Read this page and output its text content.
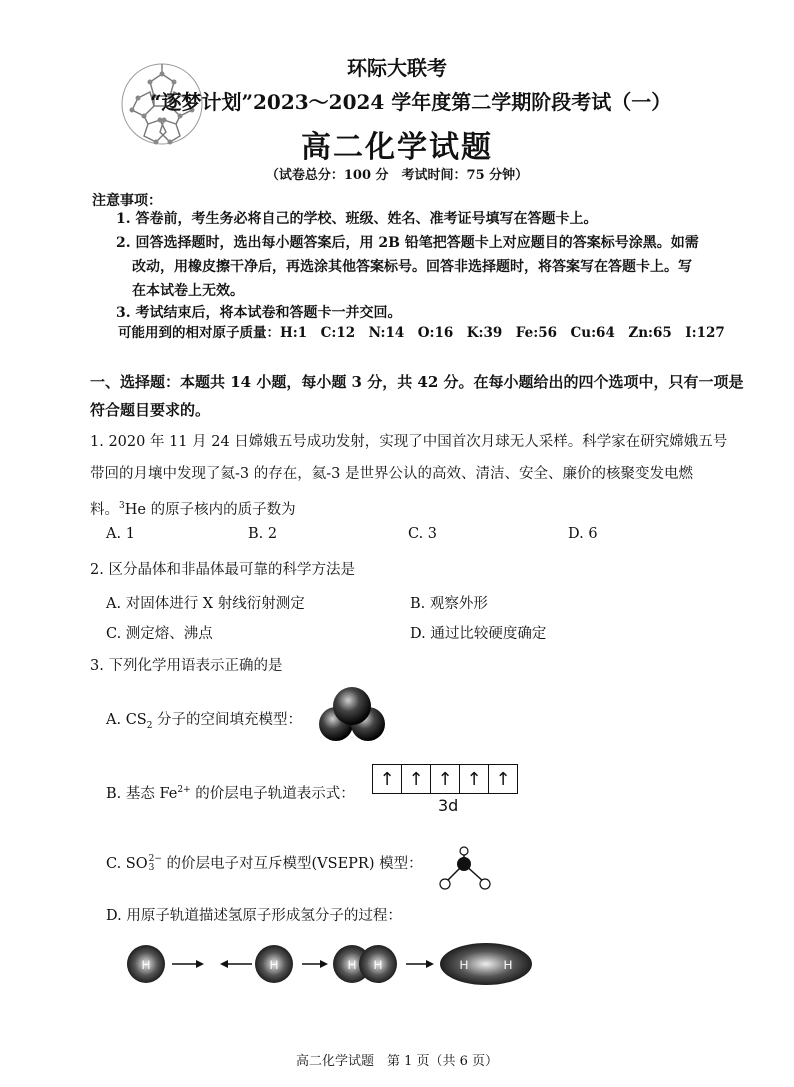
环际大联考
“逐梦计划”2023～2024 学年度第二学期阶段考试（一）
高二化学试题
（试卷总分：100 分　考试时间：75 分钟）
注意事项：
1. 答卷前，考生务必将自己的学校、班级、姓名、准考证号填写在答题卡上。
2. 回答选择题时，选出每小题答案后，用 2B 铅笔把答题卡上对应题目的答案标号涂黑。如需
改动，用橡皮擦干净后，再选涂其他答案标号。回答非选择题时，将答案写在答题卡上。写
在本试卷上无效。
3. 考试结束后，将本试卷和答题卡一并交回。
可能用到的相对原子质量：H:1　C:12　N:14　O:16　K:39　Fe:56　Cu:64　Zn:65　I:127
一、选择题：本题共 14 小题，每小题 3 分，共 42 分。在每小题给出的四个选项中，只有一项是
符合题目要求的。
1. 2020 年 11 月 24 日嫦娥五号成功发射，实现了中国首次月球无人采样。科学家在研究嫦娥五号
带回的月壤中发现了氦-3 的存在，氦-3 是世界公认的高效、清洁、安全、廉价的核聚变发电燃
料。$^3$He 的原子核内的质子数为
A. 1	B. 2	C. 3	D. 6
2. 区分晶体和非晶体最可靠的科学方法是
A. 对固体进行 X 射线衍射测定	B. 观察外形
C. 测定熔、沸点	D. 通过比较硬度确定
3. 下列化学用语表示正确的是
A. $CS_2$ 分子的空间填充模型：
B. 基态 $Fe^{2+}$ 的价层电子轨道表示式：
↑ ↑ ↑ ↑ ↑
3d
C. SO 2−
3 的价层电子对互斥模型(VSEPR) 模型：
D. 用原子轨道描述氢原子形成氢分子的过程：
H	H	H H	H	H
高二化学试题　第 1 页（共 6 页）
